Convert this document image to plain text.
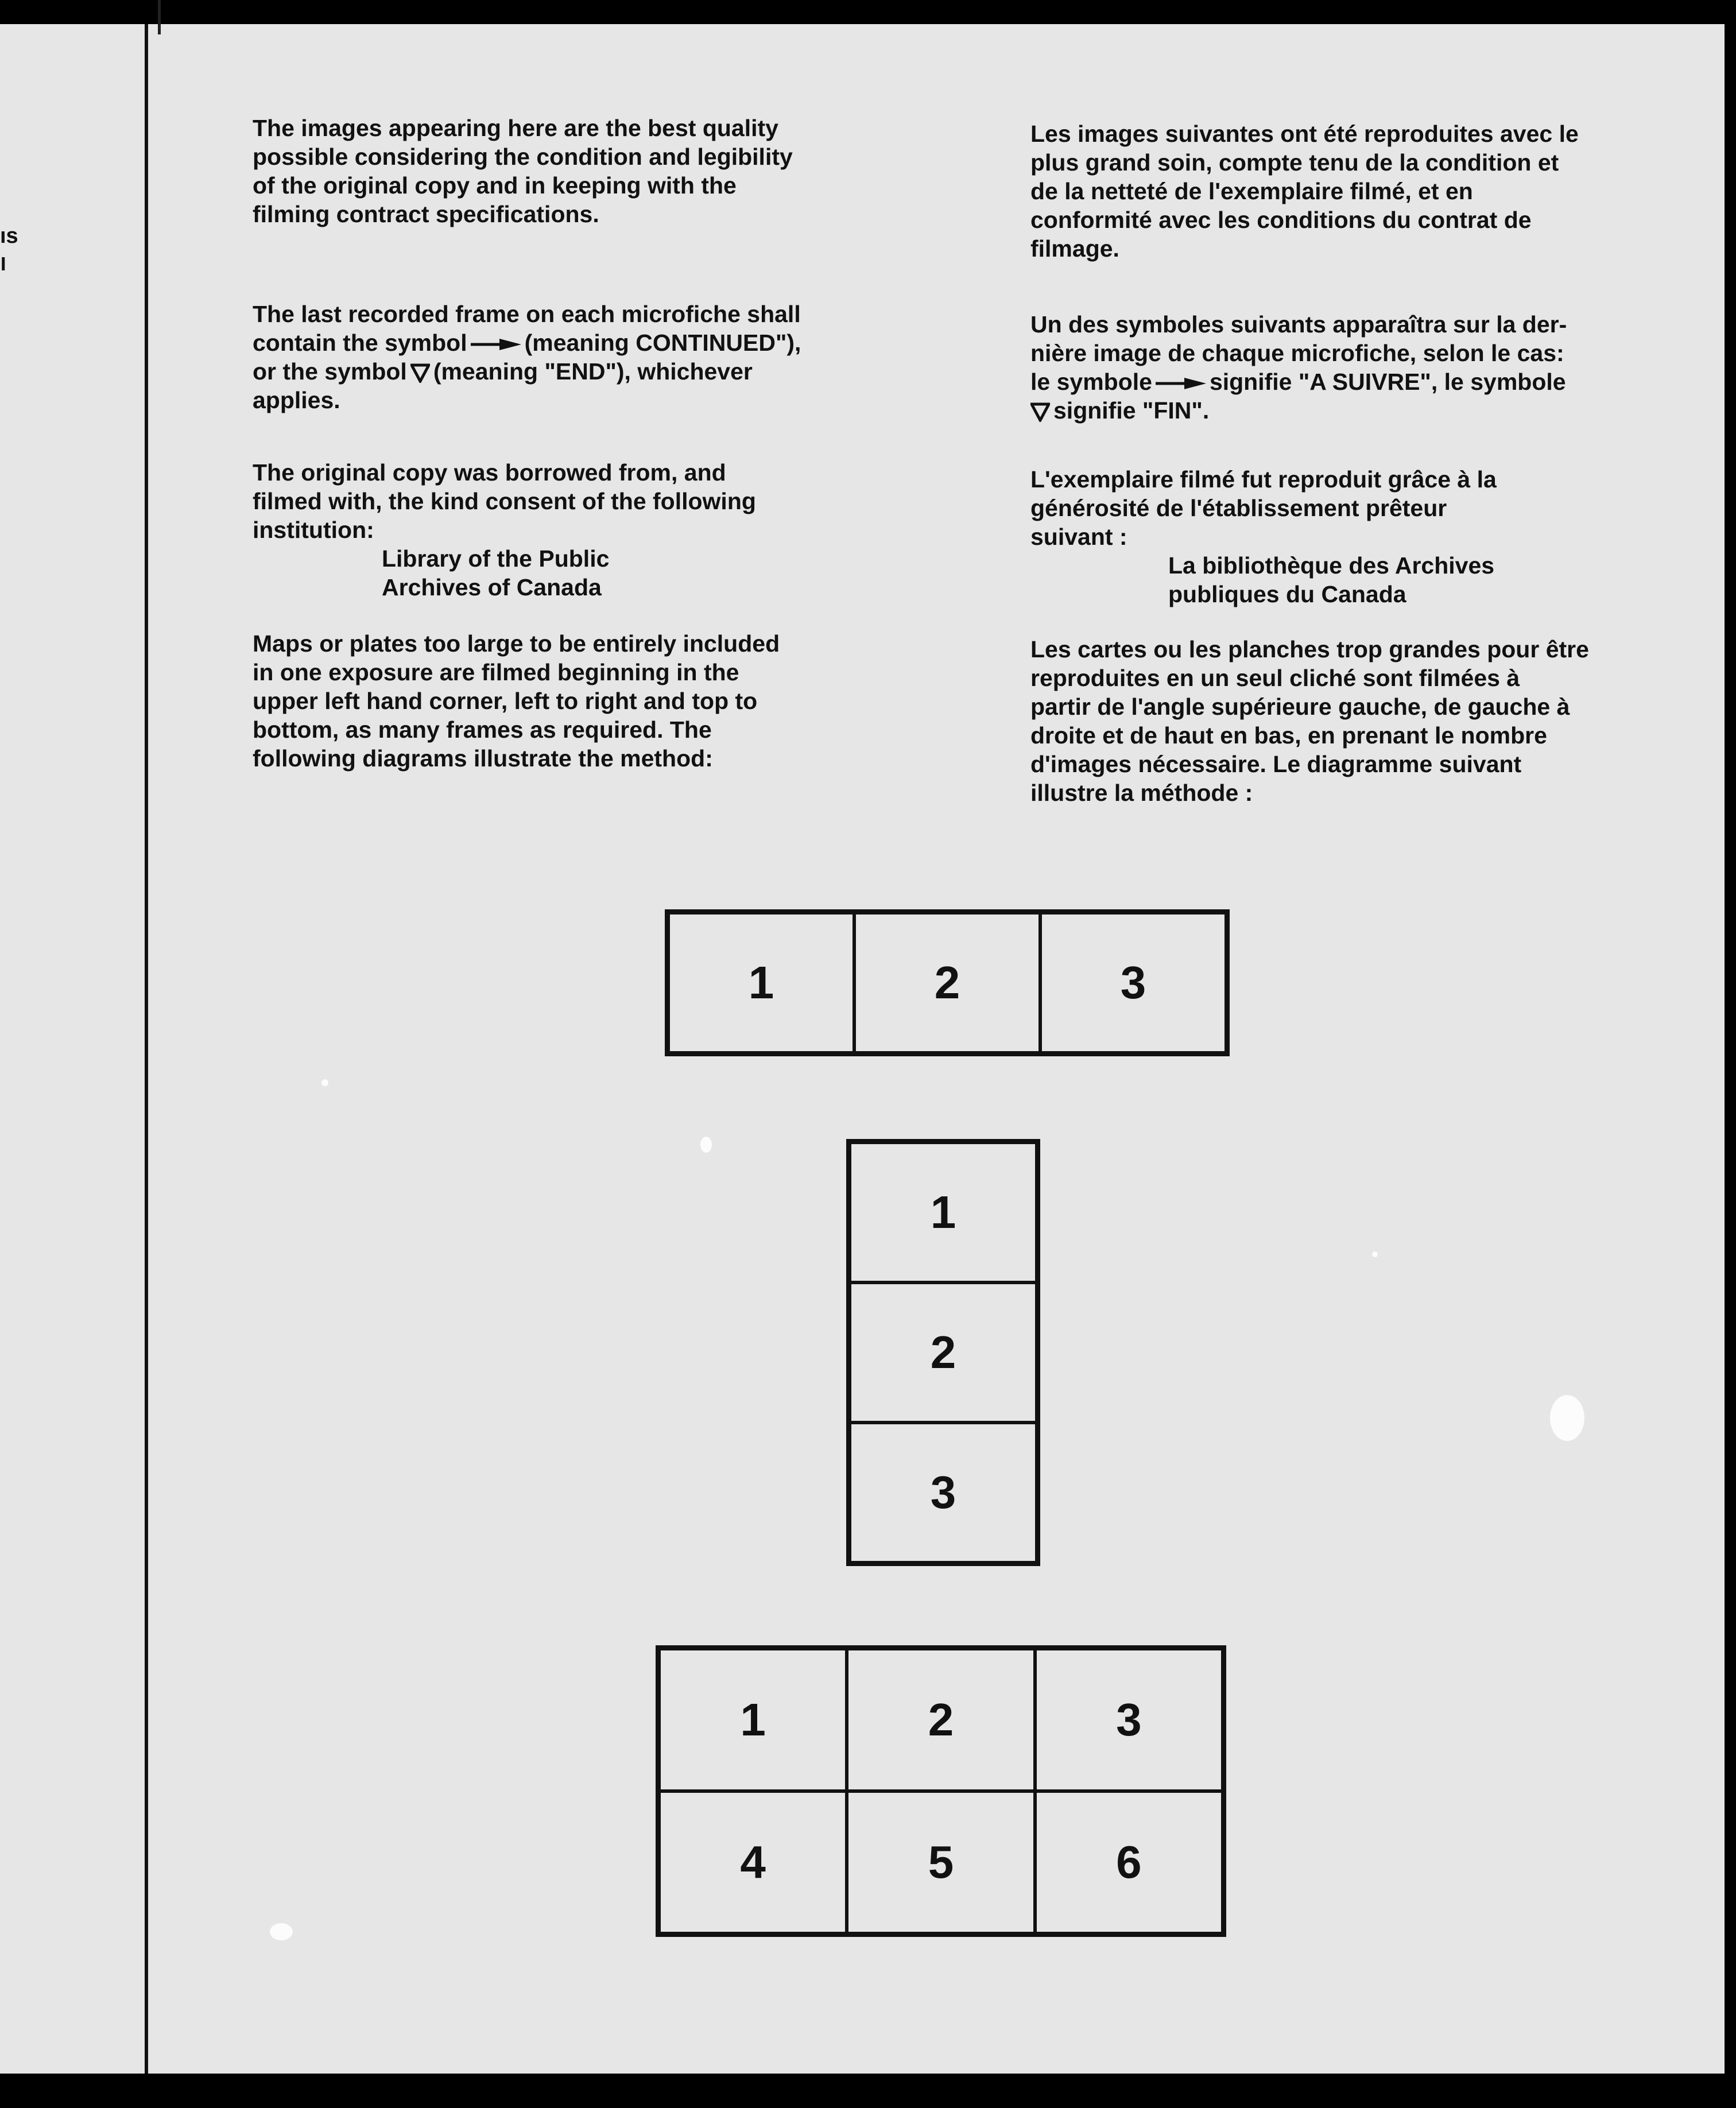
ıs
ו

The images appearing here are the best quality
possible considering the condition and legibility
of the original copy and in keeping with the
filming contract specifications.

The last recorded frame on each microfiche shall
contain the symbol (meaning CONTINUED"),
or the symbol (meaning "END"), whichever
applies.

The original copy was borrowed from, and
filmed with, the kind consent of the following
institution:

Library of the Public
Archives of Canada

Maps or plates too large to be entirely included
in one exposure are filmed beginning in the
upper left hand corner, left to right and top to
bottom, as many frames as required. The
following diagrams illustrate the method:

Les images suivantes ont été reproduites avec le
plus grand soin, compte tenu de la condition et
de la netteté de l'exemplaire filmé, et en
conformité avec les conditions du contrat de
filmage.

Un des symboles suivants apparaîtra sur la der-
nière image de chaque microfiche, selon le cas:
le symbole signifie "A SUIVRE", le symbole
signifie "FIN".

L'exemplaire filmé fut reproduit grâce à la
générosité de l'établissement prêteur
suivant :

La bibliothèque des Archives
publiques du Canada

Les cartes ou les planches trop grandes pour être
reproduites en un seul cliché sont filmées à
partir de l'angle supérieure gauche, de gauche à
droite et de haut en bas, en prenant le nombre
d'images nécessaire. Le diagramme suivant
illustre la méthode :

1	2	3
1
2
3
1	2	3
4	5	6
